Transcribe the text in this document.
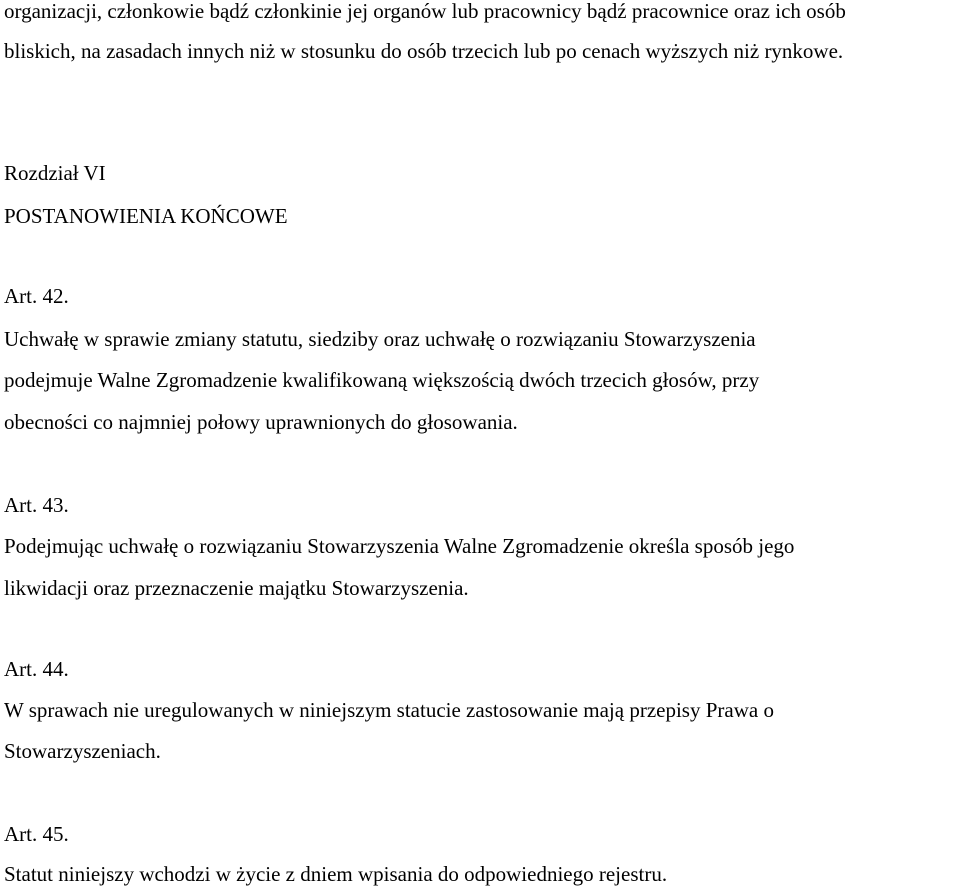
organizacji, członkowie bądź członkinie jej organów lub pracownicy bądź pracownice oraz ich osób
bliskich, na zasadach innych niż w stosunku do osób trzecich lub po cenach wyższych niż rynkowe.
Rozdział VI
POSTANOWIENIA KOŃCOWE
Art. 42.
Uchwałę w sprawie zmiany statutu, siedziby oraz uchwałę o rozwiązaniu Stowarzyszenia
podejmuje Walne Zgromadzenie kwalifikowaną większością dwóch trzecich głosów, przy
obecności co najmniej połowy uprawnionych do głosowania.
Art. 43.
Podejmując uchwałę o rozwiązaniu Stowarzyszenia Walne Zgromadzenie określa sposób jego
likwidacji oraz przeznaczenie majątku Stowarzyszenia.
Art. 44.
W sprawach nie uregulowanych w niniejszym statucie zastosowanie mają przepisy Prawa o
Stowarzyszeniach.
Art. 45.
Statut niniejszy wchodzi w życie z dniem wpisania do odpowiedniego rejestru.
